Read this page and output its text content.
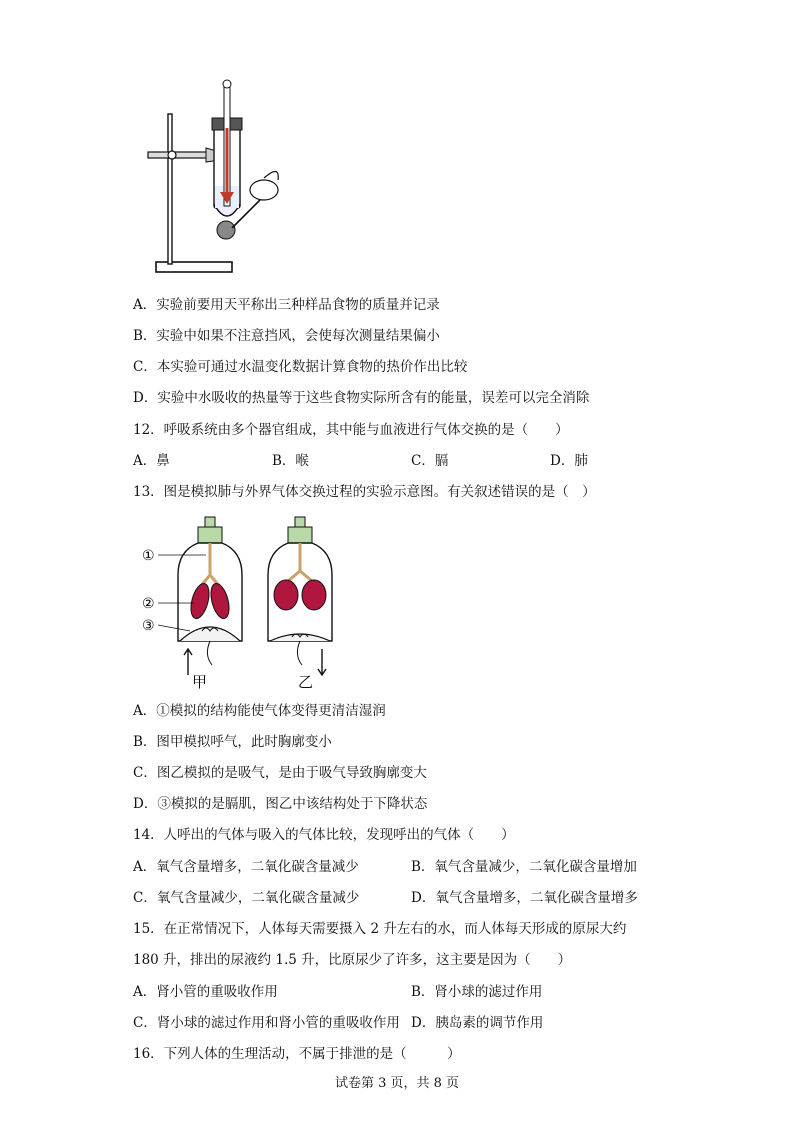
A．实验前要用天平称出三种样品食物的质量并记录
B．实验中如果不注意挡风，会使每次测量结果偏小
C．本实验可通过水温变化数据计算食物的热价作出比较
D．实验中水吸收的热量等于这些食物实际所含有的能量，误差可以完全消除
12．呼吸系统由多个器官组成，其中能与血液进行气体交换的是（　　）
A．鼻	B．喉	C．膈	D．肺
13．图是模拟肺与外界气体交换过程的实验示意图。有关叙述错误的是（　）
①
②
③
甲	乙
A．①模拟的结构能使气体变得更清洁湿润
B．图甲模拟呼气，此时胸廓变小
C．图乙模拟的是吸气，是由于吸气导致胸廓变大
D．③模拟的是膈肌，图乙中该结构处于下降状态
14．人呼出的气体与吸入的气体比较，发现呼出的气体（　　）
A．氧气含量增多，二氧化碳含量减少	B．氧气含量减少，二氧化碳含量增加
C．氧气含量减少，二氧化碳含量减少	D．氧气含量增多，二氧化碳含量增多
15．在正常情况下，人体每天需要摄入 2 升左右的水，而人体每天形成的原尿大约
180 升，排出的尿液约 1.5 升，比原尿少了许多，这主要是因为（　　）
A．肾小管的重吸收作用	B．肾小球的滤过作用
C．肾小球的滤过作用和肾小管的重吸收作用 D．胰岛素的调节作用
16．下列人体的生理活动，不属于排泄的是（　　　）
试卷第 3 页，共 8 页
